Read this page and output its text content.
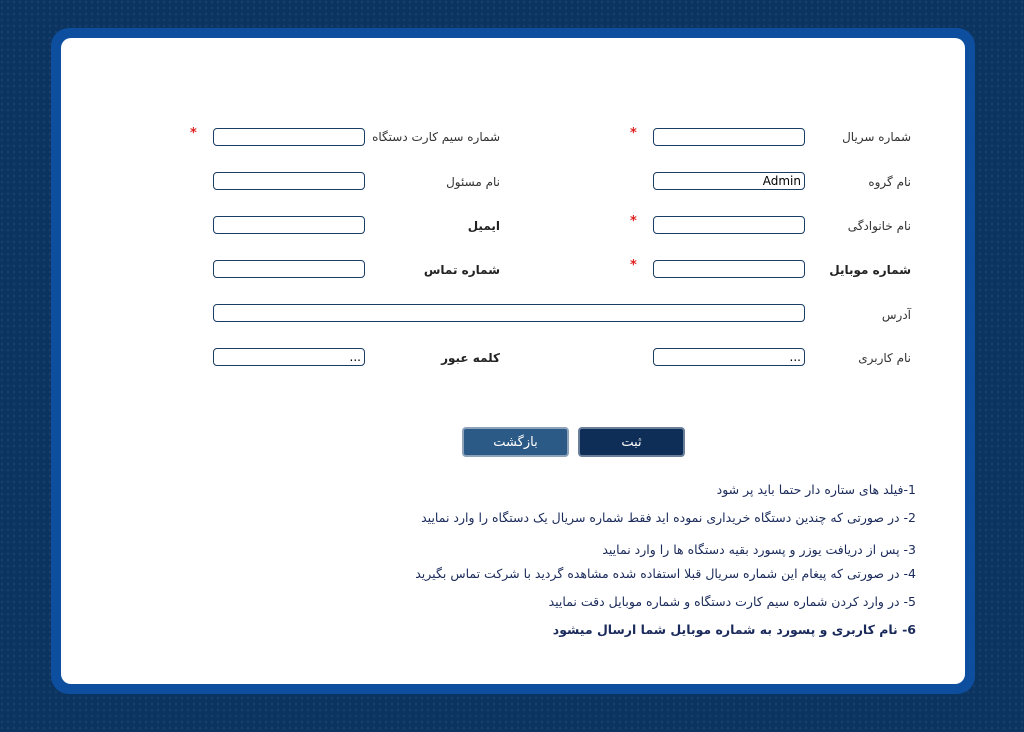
شماره سریال
*
شماره سیم کارت دستگاه
*
نام گروه
Admin
نام مسئول
نام خانوادگی
*
ایمیل
شماره موبایل
*
شماره تماس
آدرس
نام کاربری
...
کلمه عبور
...
ثبت
بازگشت
1-فیلد های ستاره دار حتما باید پر شود
2- در صورتی که چندین دستگاه خریداری نموده اید فقط شماره سریال یک دستگاه را وارد نمایید
3- پس از دریافت یوزر و پسورد بقیه دستگاه ها را وارد نمایید
4- در صورتی که پیغام این شماره سریال قبلا استفاده شده مشاهده گردید با شرکت تماس بگیرید
5- در وارد کردن شماره سیم کارت دستگاه و شماره موبایل دقت نمایید
6- نام کاربری و پسورد به شماره موبایل شما ارسال میشود
